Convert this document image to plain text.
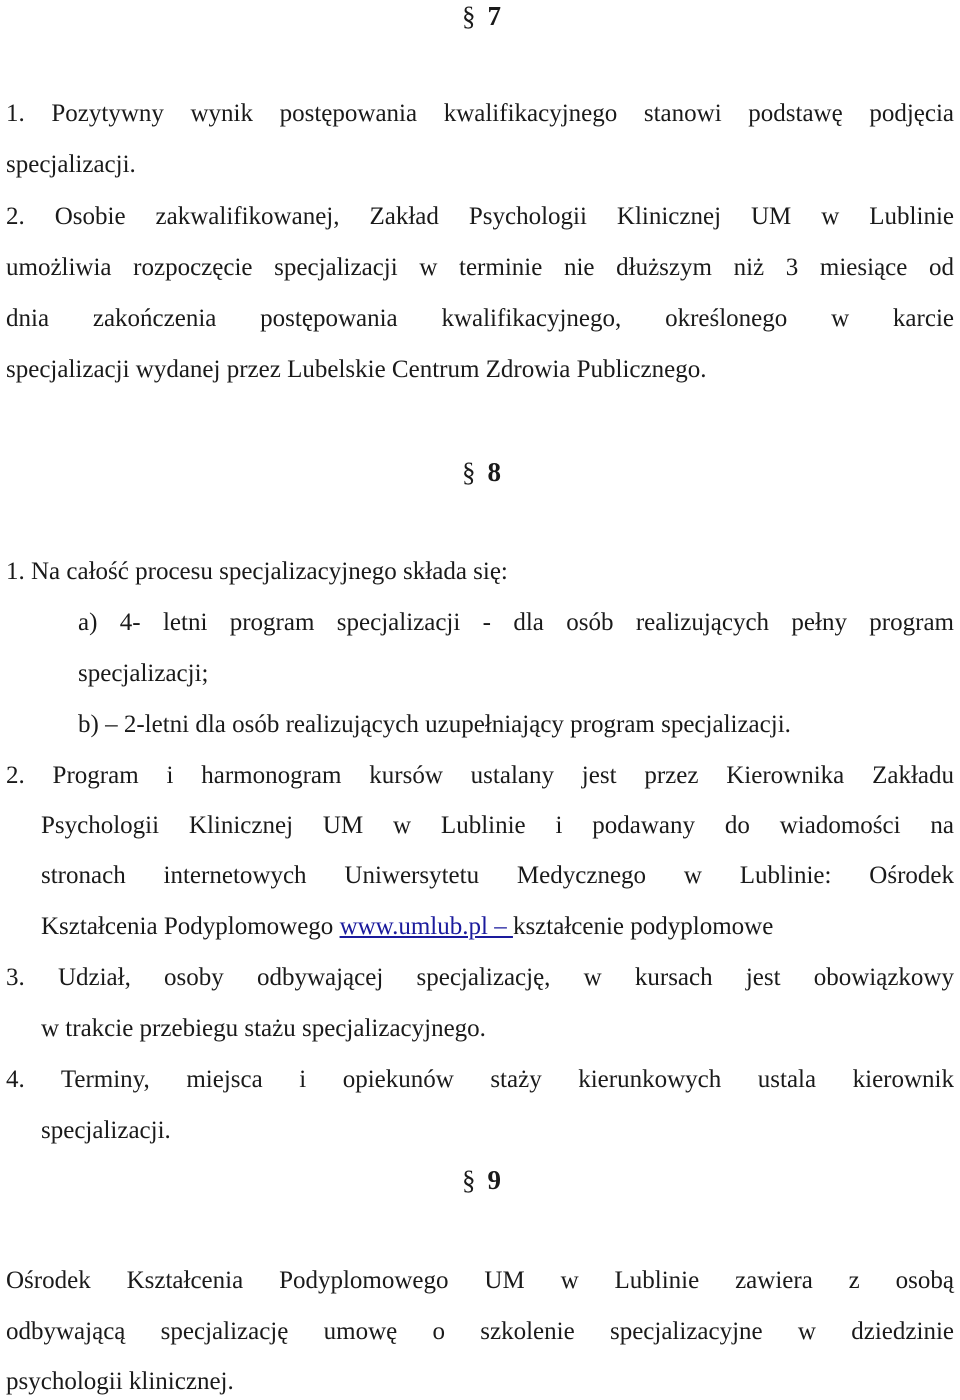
§ 7
1. Pozytywny wynik postępowania kwalifikacyjnego stanowi podstawę podjęcia
specjalizacji.
2. Osobie zakwalifikowanej, Zakład Psychologii Klinicznej UM w Lublinie
umożliwia rozpoczęcie specjalizacji w terminie nie dłuższym niż 3 miesiące od
dnia zakończenia postępowania kwalifikacyjnego, określonego w karcie
specjalizacji wydanej przez Lubelskie Centrum Zdrowia Publicznego.
§ 8
1. Na całość procesu specjalizacyjnego składa się:
a) 4- letni program specjalizacji - dla osób realizujących pełny program
specjalizacji;
b) – 2-letni dla osób realizujących uzupełniający program specjalizacji.
2. Program i harmonogram kursów ustalany jest przez Kierownika Zakładu
Psychologii Klinicznej UM w Lublinie i podawany do wiadomości na
stronach internetowych Uniwersytetu Medycznego w Lublinie: Ośrodek
Kształcenia Podyplomowego www.umlub.pl – kształcenie podyplomowe
3. Udział, osoby odbywającej specjalizację, w kursach jest obowiązkowy
w trakcie przebiegu stażu specjalizacyjnego.
4. Terminy, miejsca i opiekunów staży kierunkowych ustala kierownik
specjalizacji.
§ 9
Ośrodek Kształcenia Podyplomowego UM w Lublinie zawiera z osobą
odbywającą specjalizację umowę o szkolenie specjalizacyjne w dziedzinie
psychologii klinicznej.
